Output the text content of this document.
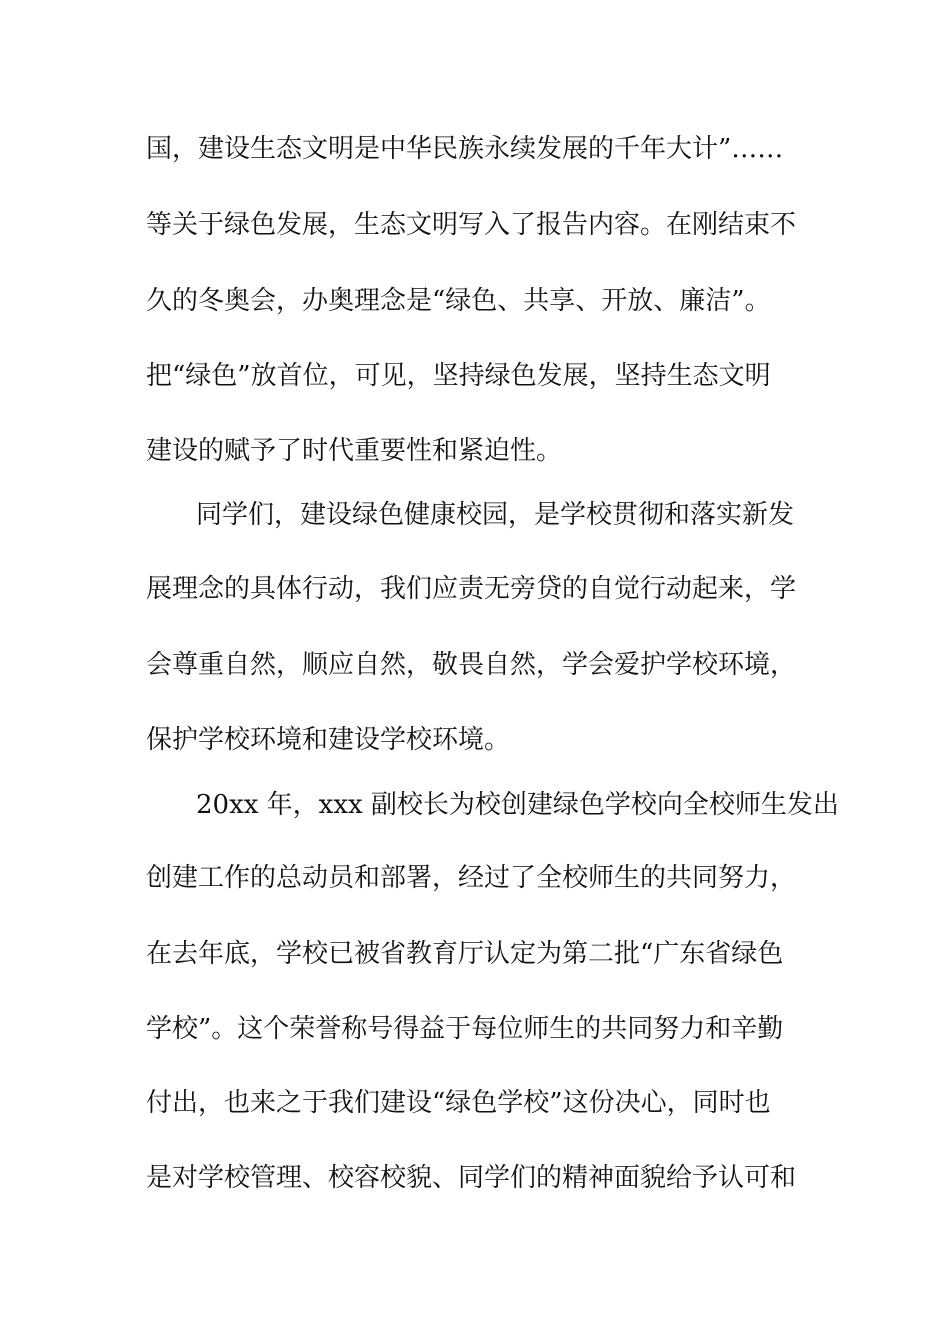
国，建设生态文明是中华民族永续发展的千年大计”……
等关于绿色发展，生态文明写入了报告内容。在刚结束不
久的冬奥会，办奥理念是“绿色、共享、开放、廉洁”。
把“绿色”放首位，可见，坚持绿色发展，坚持生态文明
建设的赋予了时代重要性和紧迫性。
同学们，建设绿色健康校园，是学校贯彻和落实新发
展理念的具体行动，我们应责无旁贷的自觉行动起来，学
会尊重自然，顺应自然，敬畏自然，学会爱护学校环境，
保护学校环境和建设学校环境。
20xx 年，xxx 副校长为校创建绿色学校向全校师生发出
创建工作的总动员和部署，经过了全校师生的共同努力，
在去年底，学校已被省教育厅认定为第二批“广东省绿色
学校”。这个荣誉称号得益于每位师生的共同努力和辛勤
付出，也来之于我们建设“绿色学校”这份决心，同时也
是对学校管理、校容校貌、同学们的精神面貌给予认可和
